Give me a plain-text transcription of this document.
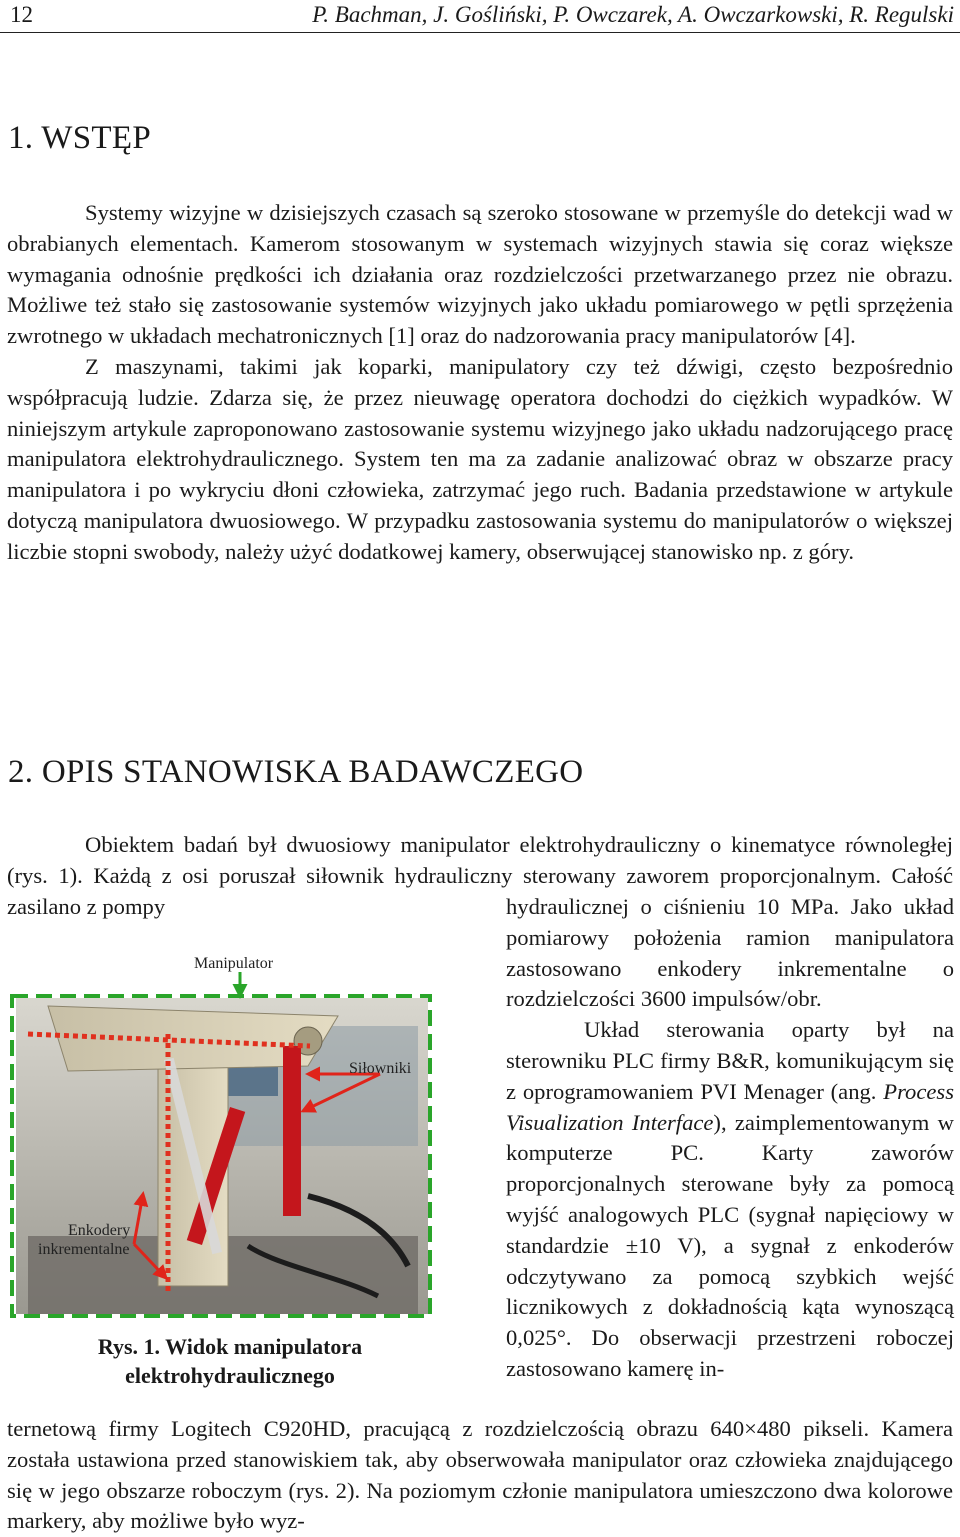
12	P. Bachman, J. Gośliński, P. Owczarek, A. Owczarkowski, R. Regulski
1. WSTĘP

Systemy wizyjne w dzisiejszych czasach są szeroko stosowane w przemyśle do detekcji wad w obrabianych elementach. Kamerom stosowanym w systemach wizyjnych stawia się coraz większe wymagania odnośnie prędkości ich działania oraz rozdzielczości przetwarzanego przez nie obrazu. Możliwe też stało się zastosowanie systemów wizyjnych jako układu pomiarowego w pętli sprzężenia zwrotnego w układach mechatronicznych [1] oraz do nadzorowania pracy manipulatorów [4].

Z maszynami, takimi jak koparki, manipulatory czy też dźwigi, często bezpośrednio współpracują ludzie. Zdarza się, że przez nieuwagę operatora dochodzi do ciężkich wypadków. W niniejszym artykule zaproponowano zastosowanie systemu wizyjnego jako układu nadzorującego pracę manipulatora elektrohydraulicznego. System ten ma za zadanie analizować obraz w obszarze pracy manipulatora i po wykryciu dłoni człowieka, zatrzymać jego ruch. Badania przedstawione w artykule dotyczą manipulatora dwuosiowego. W przypadku zastosowania systemu do manipulatorów o większej liczbie stopni swobody, należy użyć dodatkowej kamery, obserwującej stanowisko np. z góry.

2. OPIS STANOWISKA BADAWCZEGO

Obiektem badań był dwuosiowy manipulator elektrohydrauliczny o kinematyce równoległej (rys. 1). Każdą z osi poruszał siłownik hydrauliczny sterowany zaworem proporcjonalnym. Całość zasilano z pompy	hydraulicznej o ciśnieniu 10 MPa. Jako układ pomiarowy położenia ramion manipulatora zastosowano enkodery inkrementalne o rozdzielczości 3600 impulsów/obr.

Układ sterowania oparty był na sterowniku PLC firmy B&R, komunikującym się z oprogramowaniem PVI Menager (ang. Process Visualization Interface), zaimplementowanym w komputerze PC. Karty zaworów proporcjonalnych sterowane były za pomocą wyjść analogowych PLC (sygnał napięciowy w standardzie ±10 V), a sygnał z enkoderów odczytywano za pomocą szybkich wejść licznikowych z dokładnością kąta wynoszącą 0,025°. Do obserwacji przestrzeni roboczej zastosowano kamerę in-

ternetową firmy Logitech C920HD, pracującą z rozdzielczością obrazu 640×480 pikseli. Kamera została ustawiona przed stanowiskiem tak, aby obserwowała manipulator oraz człowieka znajdującego się w jego obszarze roboczym (rys. 2). Na poziomym członie manipulatora umieszczono dwa kolorowe markery, aby możliwe było wyz-

Manipulator
Siłowniki
Enkodery
inkrementalne
Rys. 1. Widok manipulatora
elektrohydraulicznego
